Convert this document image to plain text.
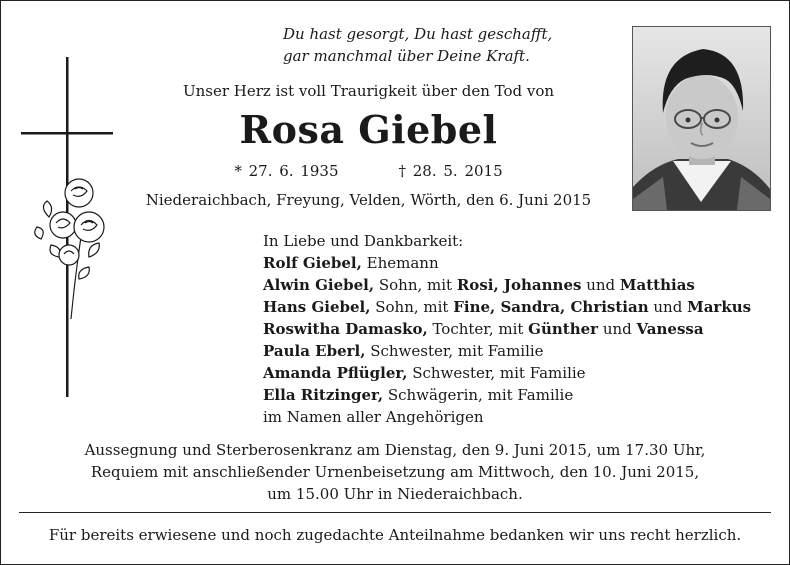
Du hast gesorgt, Du hast geschafft,
gar manchmal über Deine Kraft.
Unser Herz ist voll Traurigkeit über den Tod von
Rosa Giebel
* 27. 6. 1935	† 28. 5. 2015
Niederaichbach, Freyung, Velden, Wörth, den 6. Juni 2015
In Liebe und Dankbarkeit:
Rolf Giebel, Ehemann
Alwin Giebel, Sohn, mit Rosi, Johannes und Matthias
Hans Giebel, Sohn, mit Fine, Sandra, Christian und Markus
Roswitha Damasko, Tochter, mit Günther und Vanessa
Paula Eberl, Schwester, mit Familie
Amanda Pflügler, Schwester, mit Familie
Ella Ritzinger, Schwägerin, mit Familie
im Namen aller Angehörigen
Aussegnung und Sterberosenkranz am Dienstag, den 9. Juni 2015, um 17.30 Uhr,
Requiem mit anschließender Urnenbeisetzung am Mittwoch, den 10. Juni 2015,
um 15.00 Uhr in Niederaichbach.
Für bereits erwiesene und noch zugedachte Anteilnahme bedanken wir uns recht herzlich.
